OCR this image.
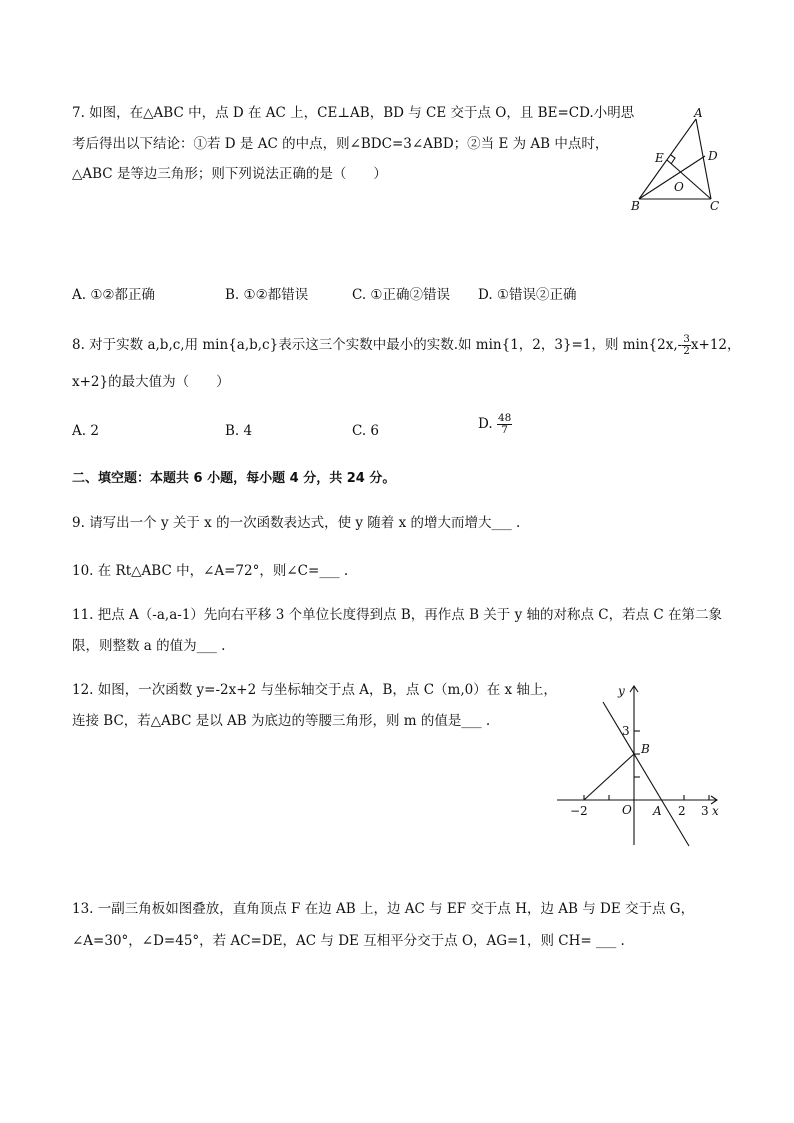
7. 如图，在△ABC 中，点 D 在 AC 上，CE⊥AB，BD 与 CE 交于点 O，且 BE=CD.小明思
考后得出以下结论：①若 D 是 AC 的中点，则∠BDC=3∠ABD；②当 E 为 AB 中点时，
△ABC 是等边三角形；则下列说法正确的是（　　）
A
E	D
O
B	C
A. ①②都正确	B. ①②都错误	C. ①正确②错误 D. ①错误②正确
8. 对于实数 a,b,c,用 min{a,b,c}表示这三个实数中最小的实数.如 min{1，2，3}=1，则 $\min\{2x,- \frac{3}{2} x+12$，
x+2}的最大值为（　　）
A. 2	B. 4	C. 6	D. $\frac{48}{7}$
二、填空题：本题共 6 小题，每小题 4 分，共 24 分。
9. 请写出一个 y 关于 x 的一次函数表达式，使 y 随着 x 的增大而增大___ .
10. 在 Rt△ABC 中，∠A=72°，则∠C=___ .
11. 把点 A（-a,a-1）先向右平移 3 个单位长度得到点 B，再作点 B 关于 y 轴的对称点 C，若点 C 在第二象
限，则整数 a 的值为___ .
12. 如图，一次函数 y=-2x+2 与坐标轴交于点 A，B，点 C（m,0）在 x 轴上，
连接 BC，若△ABC 是以 AB 为底边的等腰三角形，则 m 的值是___ .
y
3
B
−2	O A 2 3 x
13. 一副三角板如图叠放，直角顶点 F 在边 AB 上，边 AC 与 EF 交于点 H，边 AB 与 DE 交于点 G，
∠A=30°，∠D=45°，若 AC=DE，AC 与 DE 互相平分交于点 O，AG=1，则 CH= ___ .
